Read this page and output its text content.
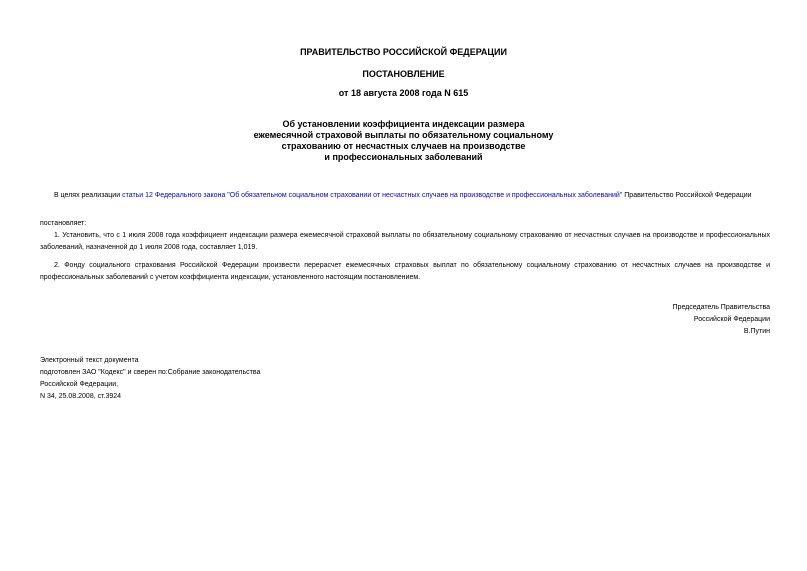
ПРАВИТЕЛЬСТВО РОССИЙСКОЙ ФЕДЕРАЦИИ
ПОСТАНОВЛЕНИЕ
от 18 августа 2008 года N 615
Об установлении коэффициента индексации размера
ежемесячной страховой выплаты по обязательному социальному
страхованию от несчастных случаев на производстве
и профессиональных заболеваний
В целях реализации статьи 12 Федерального закона "Об обязательном социальном страховании от несчастных случаев на производстве и профессиональных заболеваний" Правительство Российской Федерации
постановляет:
1. Установить, что с 1 июля 2008 года коэффициент индексации размера ежемесячной страховой выплаты по обязательному социальному страхованию от несчастных случаев на производстве и профессиональных заболеваний, назначенной до 1 июля 2008 года, составляет 1,019.
2. Фонду социального страхования Российской Федерации произвести перерасчет ежемесячных страховых выплат по обязательному социальному страхованию от несчастных случаев на производстве и профессиональных заболеваний с учетом коэффициента индексации, установленного настоящим постановлением.
Председатель Правительства
Российской Федерации
В.Путин
Электронный текст документа
подготовлен ЗАО "Кодекс" и сверен по:Собрание законодательства
Российской Федерации,
N 34, 25.08.2008, ст.3924
